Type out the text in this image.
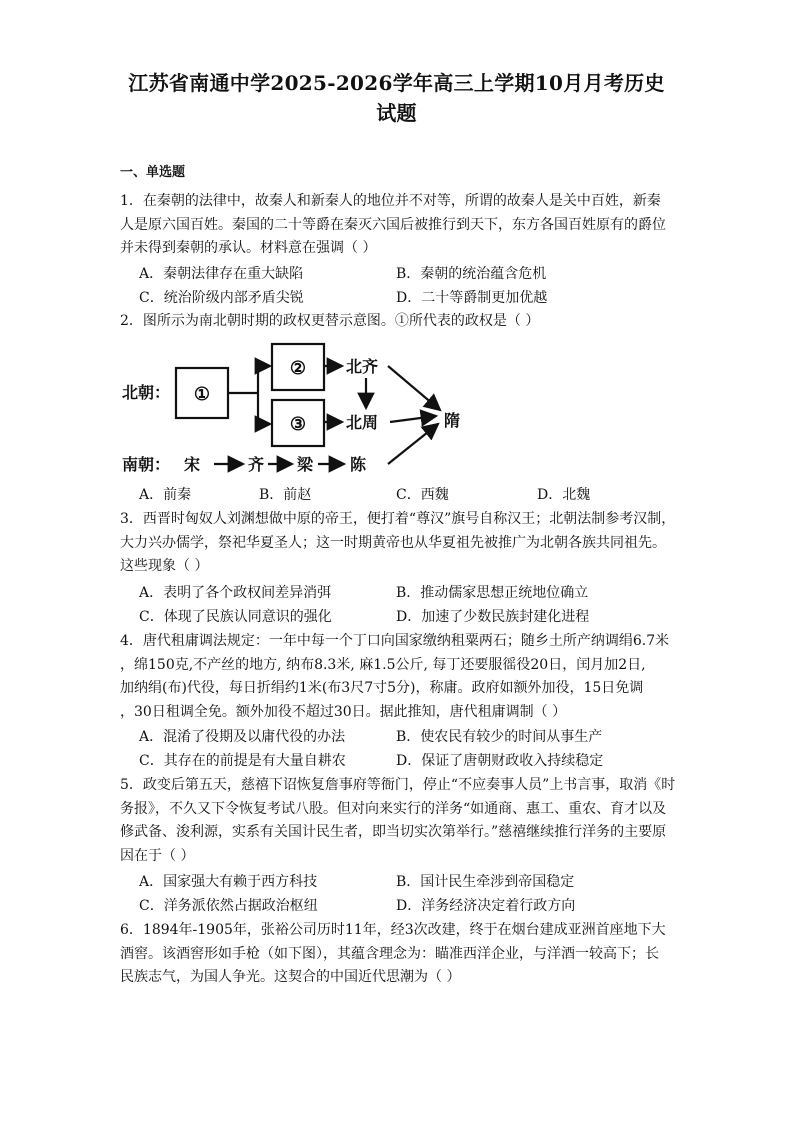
江苏省南通中学2025-2026学年高三上学期10月月考历史
试题
一、单选题
1．在秦朝的法律中，故秦人和新秦人的地位并不对等，所谓的故秦人是关中百姓，新秦
人是原六国百姓。秦国的二十等爵在秦灭六国后被推行到天下，东方各国百姓原有的爵位
并未得到秦朝的承认。材料意在强调（ ）
A．秦朝法律存在重大缺陷	B．秦朝的统治蕴含危机
C．统治阶级内部矛盾尖锐	D．二十等爵制更加优越
2．图所示为南北朝时期的政权更替示意图。①所代表的政权是（ ）
北朝： ①
②
③
北齐
北周	隋
南朝： 宋	齐 梁 陈
A．前秦	B．前赵	C．西魏	D．北魏
3．西晋时匈奴人刘渊想做中原的帝王，便打着“尊汉”旗号自称汉王；北朝法制参考汉制，
大力兴办儒学，祭祀华夏圣人；这一时期黄帝也从华夏祖先被推广为北朝各族共同祖先。
这些现象（ ）
A．表明了各个政权间差异消弭	B．推动儒家思想正统地位确立
C．体现了民族认同意识的强化	D．加速了少数民族封建化进程
4．唐代租庸调法规定：一年中每一个丁口向国家缴纳租粟两石；随乡土所产纳调绢6.7米
，绵150克,不产丝的地方, 纳布8.3米, 麻1.5公斤, 每丁还要服徭役20日，闰月加2日,
加纳绢(布)代役，每日折绢约1米(布3尺7寸5分)，称庸。政府如额外加役，15日免调
，30日租调全免。额外加役不超过30日。据此推知，唐代租庸调制（ ）
A．混淆了役期及以庸代役的办法	B．使农民有较少的时间从事生产
C．其存在的前提是有大量自耕农	D．保证了唐朝财政收入持续稳定
5．政变后第五天，慈禧下诏恢复詹事府等衙门，停止“不应奏事人员”上书言事，取消《时
务报》，不久又下令恢复考试八股。但对向来实行的洋务“如通商、惠工、重农、育才以及
修武备、浚利源，实系有关国计民生者，即当切实次第举行。”慈禧继续推行洋务的主要原
因在于（ ）
A．国家强大有赖于西方科技	B．国计民生牵涉到帝国稳定
C．洋务派依然占据政治枢纽	D．洋务经济决定着行政方向
6．1894年-1905年，张裕公司历时11年，经3次改建，终于在烟台建成亚洲首座地下大
酒窖。该酒窖形如手枪（如下图），其蕴含理念为：瞄准西洋企业，与洋酒一较高下；长
民族志气，为国人争光。这契合的中国近代思潮为（ ）
